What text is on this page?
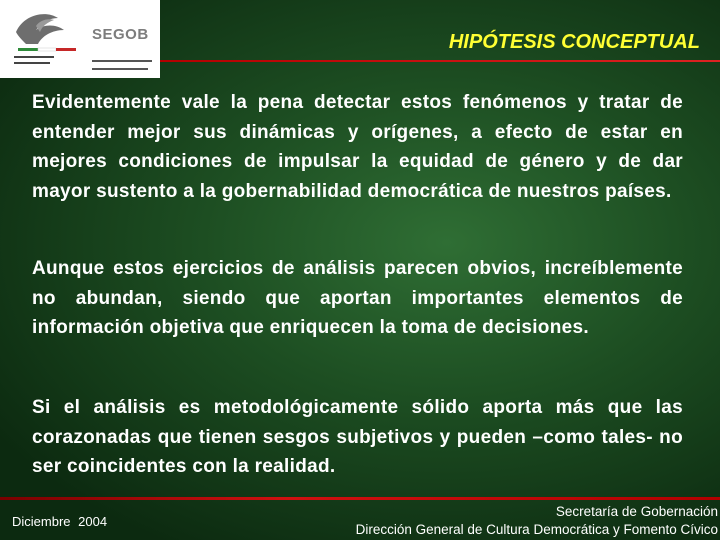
SEGOB	HIPÓTESIS CONCEPTUAL

Evidentemente vale la pena detectar estos fenómenos y tratar de entender mejor sus dinámicas y orígenes, a efecto de estar en mejores condiciones de impulsar la equidad de género y de dar mayor sustento a la gobernabilidad democrática de nuestros países.

Aunque estos ejercicios de análisis parecen obvios, increíblemente no abundan, siendo que aportan importantes elementos de información objetiva que enriquecen la toma de decisiones.

Si el análisis es metodológicamente sólido aporta más que las corazonadas que tienen sesgos subjetivos y pueden –como tales- no ser coincidentes con la realidad.

Diciembre 2004
Secretaría de Gobernación
Dirección General de Cultura Democrática y Fomento Cívico
